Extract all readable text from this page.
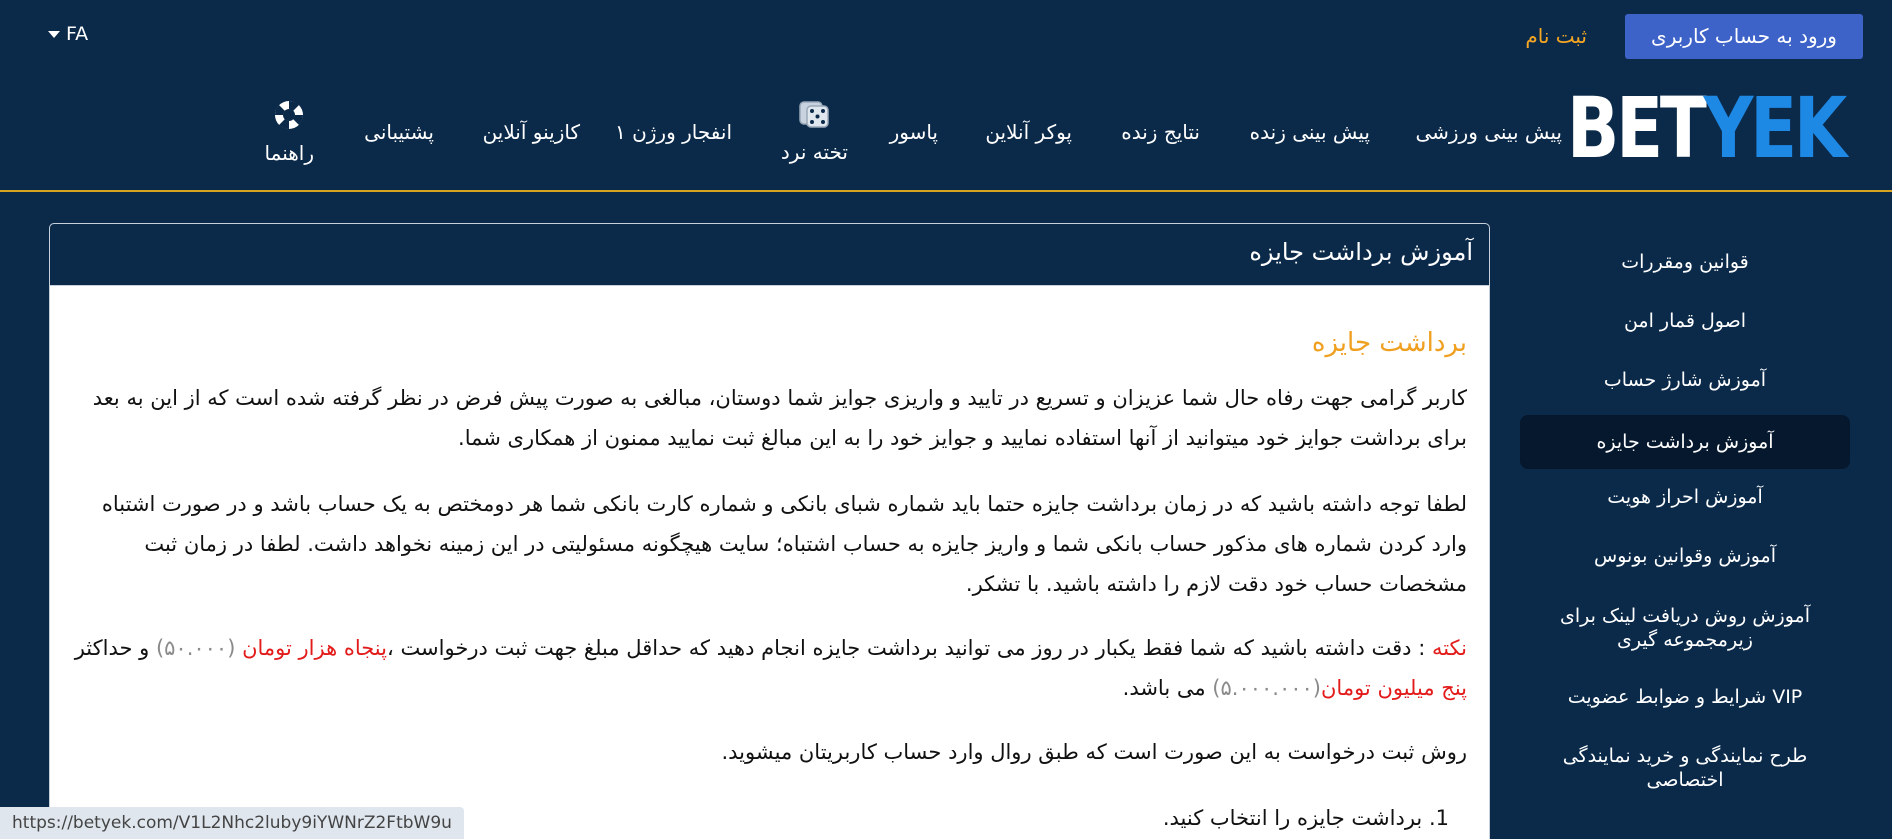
ورود به حساب کاربری
ثبت نام
FA
BET YEK
پیش بینی ورزشی
پیش بینی زنده
نتایج زنده
پوکر آنلاین
پاسور
تخته نرد
انفجار ورژن ۱
کازینو آنلاین
پشتیبانی
راهنما
قوانین ومقررات
اصول قمار امن
آموزش شارژ حساب
آموزش برداشت جایزه
آموزش احراز هویت
آموزش وقوانین بونوس
آموزش روش دریافت لینک برای زیرمجموعه گیری
شرایط و ضوابط عضویت VIP
طرح نمایندگی و خرید نمایندگی اختصاصی
آموزش برداشت جایزه
برداشت جایزه
کاربر گرامی جهت رفاه حال شما عزیزان و تسریع در تایید و واریزی جوایز شما دوستان، مبالغی به صورت پیش فرض در نظر گرفته شده است که از این به بعد برای برداشت جوایز خود میتوانید از آنها استفاده نمایید و جوایز خود را به این مبالغ ثبت نمایید ممنون از همکاری شما.
لطفا توجه داشته باشید که در زمان برداشت جایزه حتما باید شماره شبای بانکی و شماره کارت بانکی شما هر دومختص به یک حساب باشد و در صورت اشتباه وارد کردن شماره های مذکور حساب بانکی شما و واریز جایزه به حساب اشتباه؛ سایت هیچگونه مسئولیتی در این زمینه نخواهد داشت. لطفا در زمان ثبت مشخصات حساب خود دقت لازم را داشته باشید. با تشکر.
نکته : دقت داشته باشید که شما فقط یکبار در روز می توانید برداشت جایزه انجام دهید که حداقل مبلغ جهت ثبت درخواست ،پنجاه هزار تومان (۵۰.۰۰۰) و حداکثر پنج میلیون تومان(۵.۰۰۰.۰۰۰) می باشد.
روش ثبت درخواست به این صورت است که طبق روال وارد حساب کاربریتان میشوید.
1. برداشت جایزه را انتخاب کنید.
https://betyek.com/V1L2Nhc2luby9iYWNrZ2FtbW9u
